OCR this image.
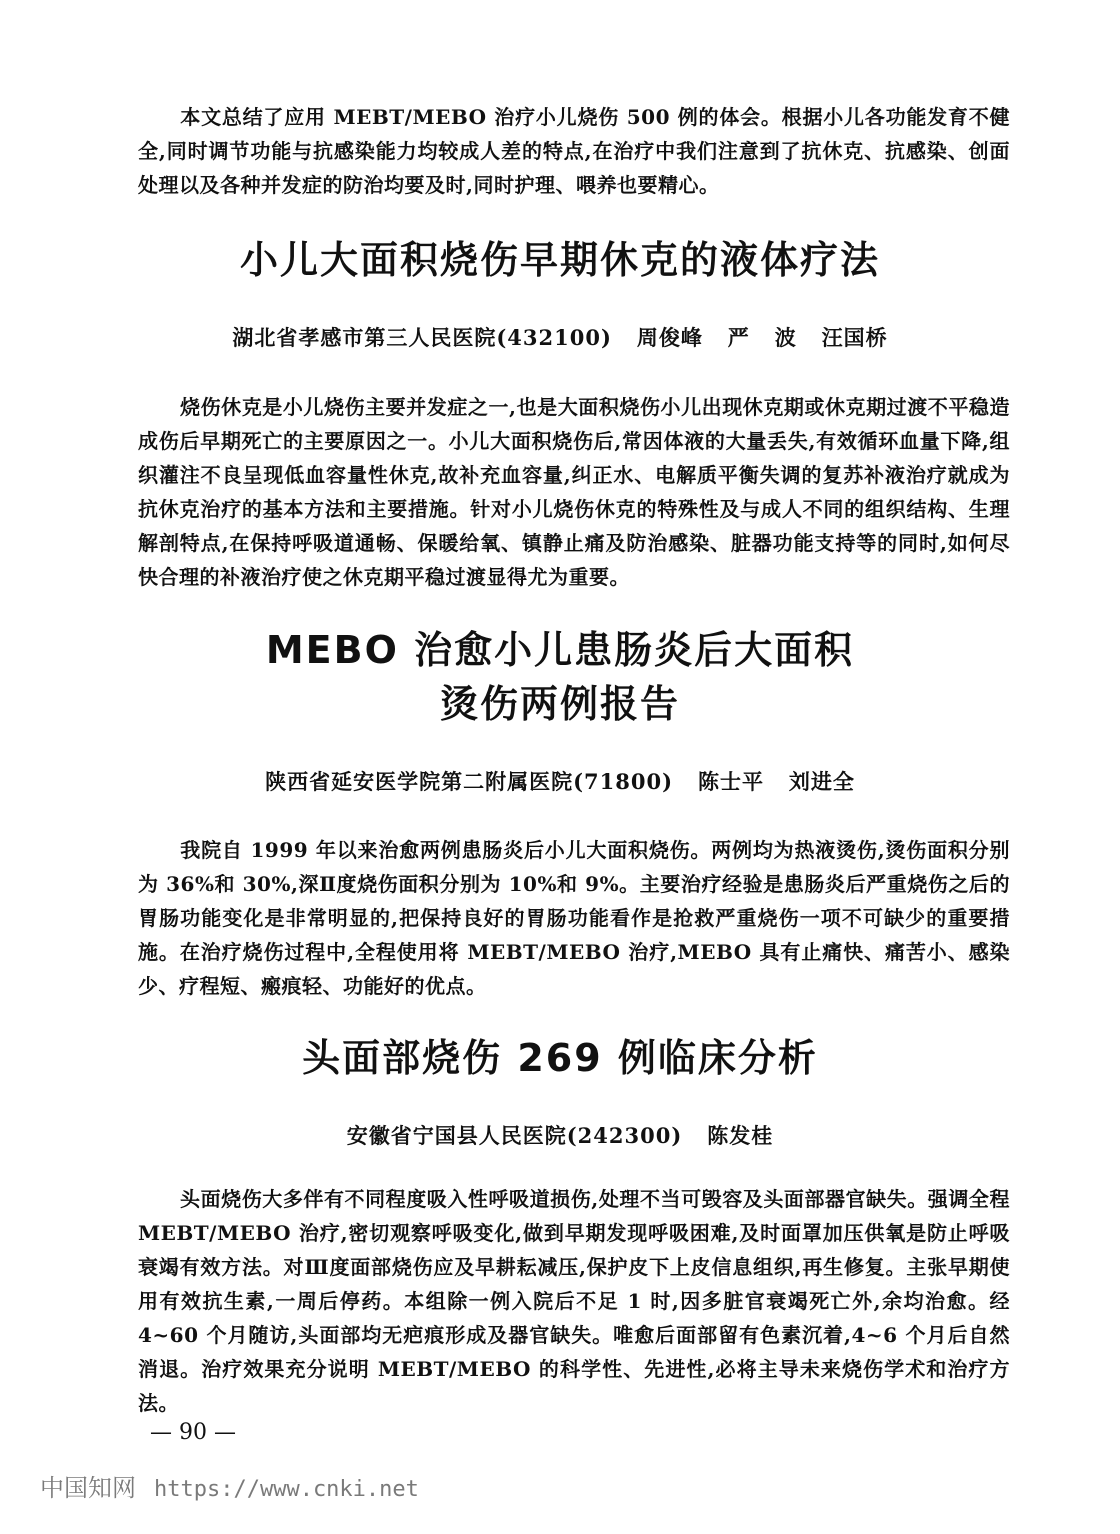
本文总结了应用 MEBT/MEBO 治疗小儿烧伤 500 例的体会。根据小儿各功能发育不健全,同时调节功能与抗感染能力均较成人差的特点,在治疗中我们注意到了抗休克、抗感染、创面处理以及各种并发症的防治均要及时,同时护理、喂养也要精心。
小儿大面积烧伤早期休克的液体疗法
湖北省孝感市第三人民医院(432100)   周俊峰   严   波   汪国桥
烧伤休克是小儿烧伤主要并发症之一,也是大面积烧伤小儿出现休克期或休克期过渡不平稳造成伤后早期死亡的主要原因之一。小儿大面积烧伤后,常因体液的大量丢失,有效循环血量下降,组织灌注不良呈现低血容量性休克,故补充血容量,纠正水、电解质平衡失调的复苏补液治疗就成为抗休克治疗的基本方法和主要措施。针对小儿烧伤休克的特殊性及与成人不同的组织结构、生理解剖特点,在保持呼吸道通畅、保暖给氧、镇静止痛及防治感染、脏器功能支持等的同时,如何尽快合理的补液治疗使之休克期平稳过渡显得尤为重要。
MEBO 治愈小儿患肠炎后大面积
烫伤两例报告
陕西省延安医学院第二附属医院(71800)   陈士平   刘进全
我院自 1999 年以来治愈两例患肠炎后小儿大面积烧伤。两例均为热液烫伤,烫伤面积分别为 36%和 30%,深Ⅱ度烧伤面积分别为 10%和 9%。主要治疗经验是患肠炎后严重烧伤之后的胃肠功能变化是非常明显的,把保持良好的胃肠功能看作是抢救严重烧伤一项不可缺少的重要措施。在治疗烧伤过程中,全程使用将 MEBT/MEBO 治疗,MEBO 具有止痛快、痛苦小、感染少、疗程短、瘢痕轻、功能好的优点。
头面部烧伤 269 例临床分析
安徽省宁国县人民医院(242300)   陈发桂
头面烧伤大多伴有不同程度吸入性呼吸道损伤,处理不当可毁容及头面部器官缺失。强调全程 MEBT/MEBO 治疗,密切观察呼吸变化,做到早期发现呼吸困难,及时面罩加压供氧是防止呼吸衰竭有效方法。对Ⅲ度面部烧伤应及早耕耘减压,保护皮下上皮信息组织,再生修复。主张早期使用有效抗生素,一周后停药。本组除一例入院后不足 1 时,因多脏官衰竭死亡外,余均治愈。经 4~60 个月随访,头面部均无疤痕形成及器官缺失。唯愈后面部留有色素沉着,4~6 个月后自然消退。治疗效果充分说明 MEBT/MEBO 的科学性、先进性,必将主导未来烧伤学术和治疗方法。
— 90 —
中国知网 https://www.cnki.net
